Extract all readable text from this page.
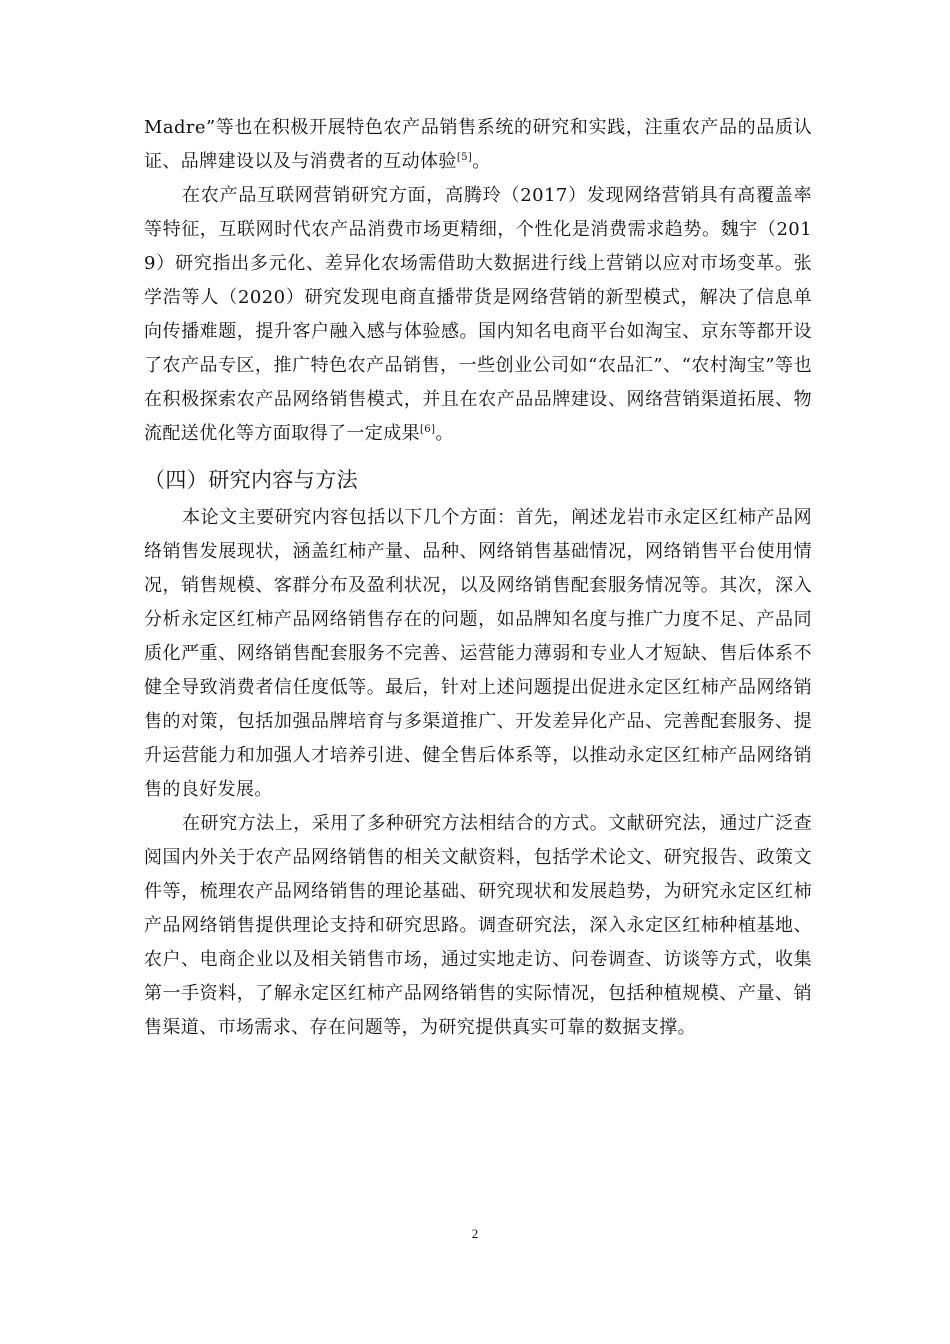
Madre”等也在积极开展特色农产品销售系统的研究和实践，注重农产品的品质认证、品牌建设以及与消费者的互动体验[5]。

在农产品互联网营销研究方面，高腾玲（2017）发现网络营销具有高覆盖率等特征，互联网时代农产品消费市场更精细，个性化是消费需求趋势。魏宇（2019）研究指出多元化、差异化农场需借助大数据进行线上营销以应对市场变革。张学浩等人（2020）研究发现电商直播带货是网络营销的新型模式，解决了信息单向传播难题，提升客户融入感与体验感。国内知名电商平台如淘宝、京东等都开设了农产品专区，推广特色农产品销售，一些创业公司如“农品汇”、“农村淘宝”等也在积极探索农产品网络销售模式，并且在农产品品牌建设、网络营销渠道拓展、物流配送优化等方面取得了一定成果[6]。

（四）研究内容与方法

本论文主要研究内容包括以下几个方面：首先，阐述龙岩市永定区红柿产品网络销售发展现状，涵盖红柿产量、品种、网络销售基础情况，网络销售平台使用情况，销售规模、客群分布及盈利状况，以及网络销售配套服务情况等。其次，深入分析永定区红柿产品网络销售存在的问题，如品牌知名度与推广力度不足、产品同质化严重、网络销售配套服务不完善、运营能力薄弱和专业人才短缺、售后体系不健全导致消费者信任度低等。最后，针对上述问题提出促进永定区红柿产品网络销售的对策，包括加强品牌培育与多渠道推广、开发差异化产品、完善配套服务、提升运营能力和加强人才培养引进、健全售后体系等，以推动永定区红柿产品网络销售的良好发展。

在研究方法上，采用了多种研究方法相结合的方式。文献研究法，通过广泛查阅国内外关于农产品网络销售的相关文献资料，包括学术论文、研究报告、政策文件等，梳理农产品网络销售的理论基础、研究现状和发展趋势，为研究永定区红柿产品网络销售提供理论支持和研究思路。调查研究法，深入永定区红柿种植基地、农户、电商企业以及相关销售市场，通过实地走访、问卷调查、访谈等方式，收集第一手资料，了解永定区红柿产品网络销售的实际情况，包括种植规模、产量、销售渠道、市场需求、存在问题等，为研究提供真实可靠的数据支撑。

2
